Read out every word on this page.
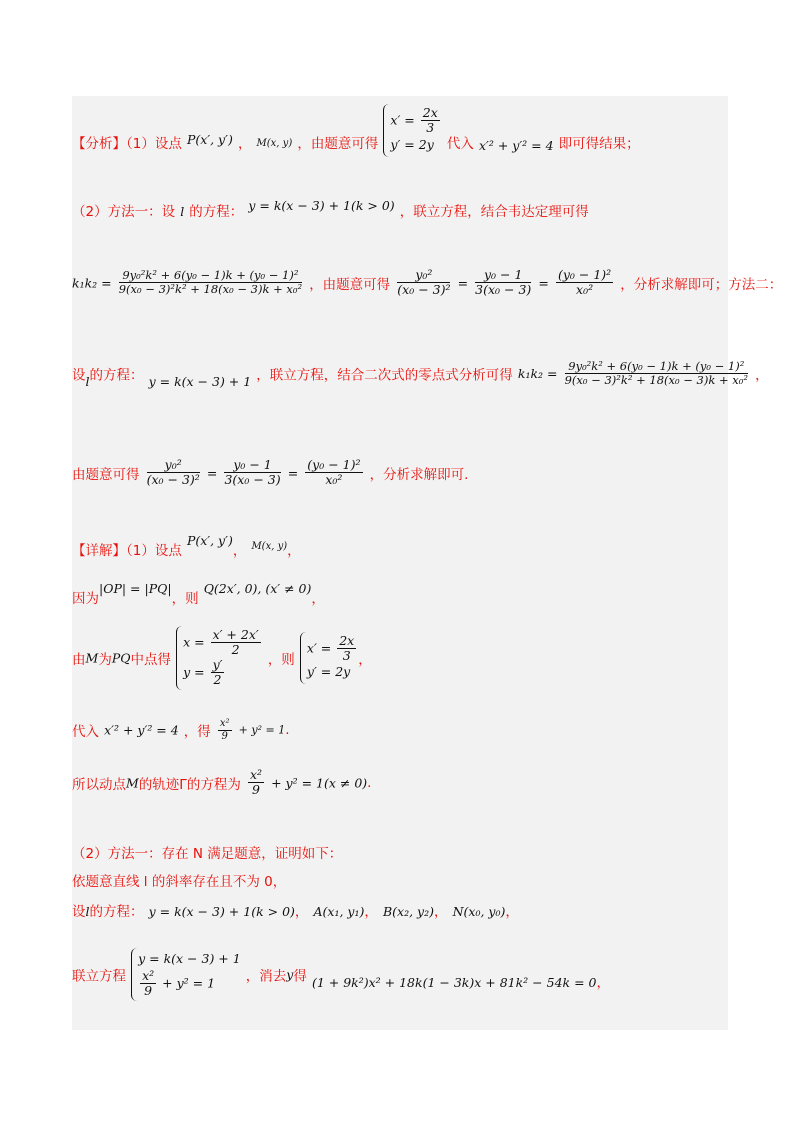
【分析】（1）设点 P(x′, y′) ， M(x, y) ，由题意可得
$x' = \frac{2x}{3}$
y′ = 2y 代入 x′² + y′² = 4 即可得结果；
（2）方法一：设 l 的方程： $^{y = k(x - 3) + 1(k > 0)}$ ，联立方程，结合韦达定理可得
$k_1k_2 = \frac{\text{9y₀²k² + 6(y₀ − 1)k + (y₀ − 1)²}}{\text{9(x₀ − 3)²k² + 18(x₀ − 3)k + x₀²}}$ ，由题意可得 $\frac{\text{y₀²}}{\text{(x₀ − 3)²}} = \frac{\text{y₀ − 1}}{\text{3(x₀ − 3)}} = \frac{\text{(y₀ − 1)²}}{\text{x₀²}}$ ，分析求解即可；方法二：
设$_l$的方程： $_{y = k(x - 3) + 1}$ ，联立方程，结合二次式的零点式分析可得 $k_1k_2 = \frac{\text{9y₀²k² + 6(y₀ − 1)k + (y₀ − 1)²}}{\text{9(x₀ − 3)²k² + 18(x₀ − 3)k + x₀²}}$ ，
由题意可得 $\frac{\text{y₀²}}{\text{(x₀ − 3)²}} = \frac{\text{y₀ − 1}}{\text{3(x₀ − 3)}} = \frac{\text{(y₀ − 1)²}}{\text{x₀²}}$ ，分析求解即可.
$_{【详解】(1)设点}$ P(x′, $y')_,$ $_{M(x, y),}$
$_{因为}|OP| = |PQ|_{,则}$ Q(2x′, 0), $(x' \ne 0)_,$
由M为PQ中点得
$x = \frac{x' + 2x'}{2}$
$y = \frac{y'}{2}$	，则
$x' = \frac{2x}{3}$
y′ = 2y
，
代入 x′² + y′² = 4 ，得 $\frac{\text{x²}}{9} + y^2 = 1$.
所以动点M的轨迹Γ的方程为 $\frac{\text{x²}}{9} + y^2 = 1(x \ne 0)$.
（2）方法一：存在 N 满足题意，证明如下：
依题意直线 l 的斜率存在且不为 0，
设l的方程： y = k(x − 3) + 1(k > 0)， A(x₁, y₁)， B(x₂, y₂)， N(x₀, y₀)，
联立方程
y = k(x − 3) + 1
$\frac{\text{x²}}{9} + y^2 = 1$	，消去y得 $_{(1 + 9k^2)x^2 + 18k(1 - 3k)x + 81k^2 - 54k = 0,}$
